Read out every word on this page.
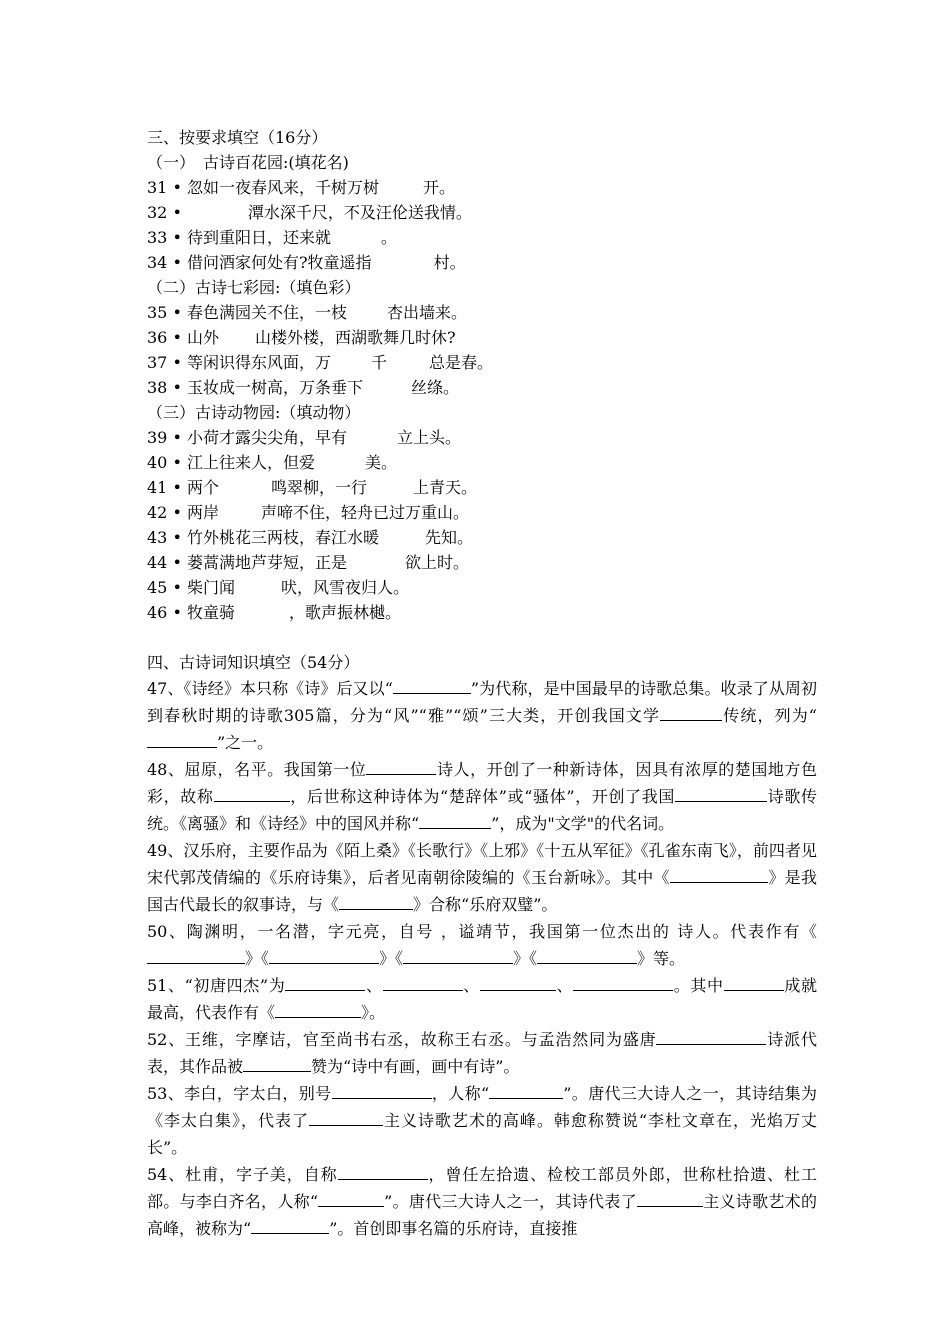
三、按要求填空（16分）
（一）　古诗百花园:(填花名)
31 • 忽如一夜春风来，千树万树	开。
32 •	潭水深千尺，不及汪伦送我情。
33 • 待到重阳日，还来就	。
34 • 借问酒家何处有?牧童遥指	村。
（二）古诗七彩园:（填色彩）
35 • 春色满园关不住，一枝	杏出墙来。
36 • 山外 山楼外楼，西湖歌舞几时休?
37 • 等闲识得东风面，万	千	总是春。
38 • 玉妆成一树高，万条垂下	丝绦。
（三）古诗动物园:（填动物）
39 • 小荷才露尖尖角，早有	立上头。
40 • 江上往来人，但爱	美。
41 • 两个	鸣翠柳，一行	上青天。
42 • 两岸	声啼不住，轻舟已过万重山。
43 • 竹外桃花三两枝，春江水暖	先知。
44 • 蒌蒿满地芦芽短，正是	欲上时。
45 • 柴门闻	吠，风雪夜归人。
46 • 牧童骑	，歌声振林樾。
四、古诗词知识填空（54分）
47、《诗经》本只称《诗》后又以“	”为代称，是中国最早的诗歌总集。收录了从周初到春秋时期的诗歌305篇，分为“风”“雅”“颂”三大类，开创我国文学	传统，列为“”之一。
48、屈原，名平。我国第一位	诗人，开创了一种新诗体，因具有浓厚的楚国地方色彩，故称	，后世称这种诗体为“楚辞体”或“骚体”，开创了我国	诗歌传统。《离骚》和《诗经》中的国风并称“	”，成为"文学"的代名词。
49、汉乐府，主要作品为《陌上桑》《长歌行》《上邪》《十五从军征》《孔雀东南飞》，前四者见宋代郭茂倩编的《乐府诗集》，后者见南朝徐陵编的《玉台新咏》。其中《	》是我国古代最长的叙事诗，与《	》合称“乐府双璧”。
50、陶渊明，一名潜，字元亮，自号 ，谥靖节，我国第一位杰出的 诗人。代表作有《》《	》《	》《	》等。
51、“初唐四杰”为	、	、	、	。其中	成就最高，代表作有《	》。
52、王维，字摩诘，官至尚书右丞，故称王右丞。与孟浩然同为盛唐	诗派代表，其作品被	赞为“诗中有画，画中有诗”。
53、李白，字太白，别号	，人称“	”。唐代三大诗人之一，其诗结集为《李太白集》，代表了	主义诗歌艺术的高峰。韩愈称赞说“李杜文章在，光焰万丈长”。
54、杜甫，字子美，自称	，曾任左拾遗、检校工部员外郎，世称杜拾遗、杜工部。与李白齐名，人称“	”。唐代三大诗人之一，其诗代表了	主义诗歌艺术的高峰，被称为“	”。首创即事名篇的乐府诗，直接推
